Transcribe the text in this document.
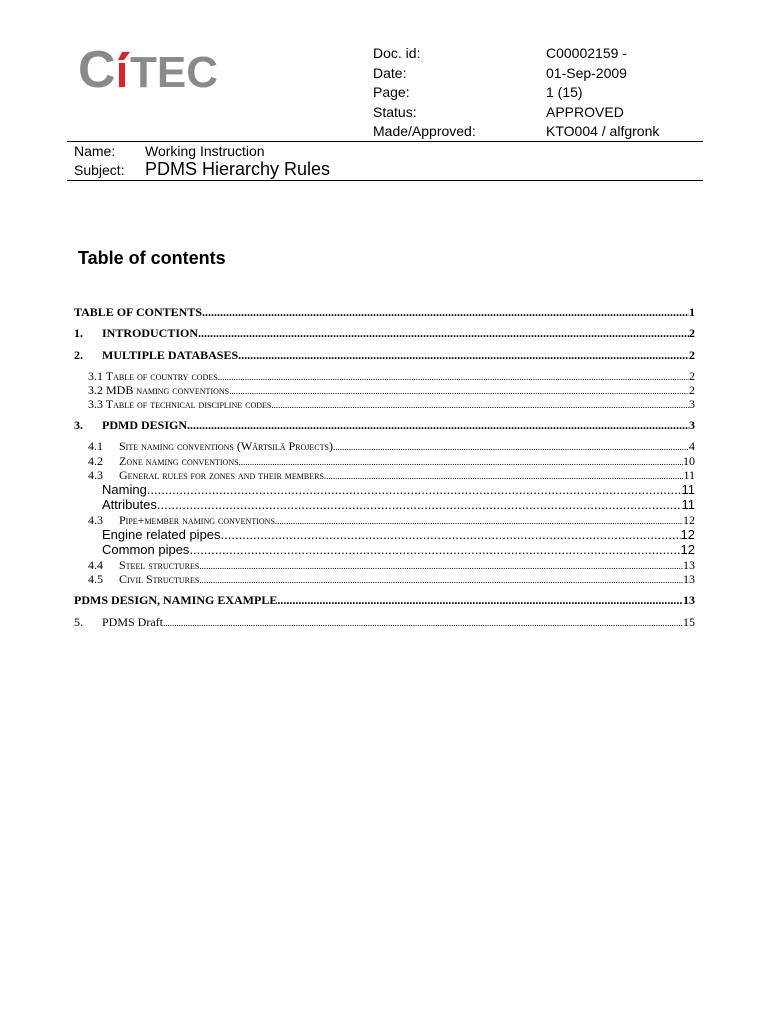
C TEC	Doc. id:	C00002159 -
Date:	01-Sep-2009
Page:	1 (15)
Status:	APPROVED
Made/Approved:	KTO004 / alfgronk
Name: Working Instruction
Subject: PDMS Hierarchy Rules
Table of contents
TABLE OF CONTENTS .....	1
1.	INTRODUCTION .....	2
2.	MULTIPLE DATABASES .....	2
3.1 Table of country codes .....	2
3.2 MDB naming conventions .....	2
3.3 Table of technical discipline codes .....	3
3.	PDMD DESIGN .....	3
4.1	Site naming conventions (Wärtsilä Projects) .....	4
4.2	Zone naming conventions .....	10
4.3	General rules for zones and their members .....	11
Naming .....	11
Attributes .....	11
4.3	Pipe+member naming conventions .....	12
Engine related pipes .....	12
Common pipes .....	12
4.4	Steel structures .....	13
4.5	Civil Structures .....	13
PDMS DESIGN, NAMING EXAMPLE .....	13
5.	PDMS Draft .....	15
